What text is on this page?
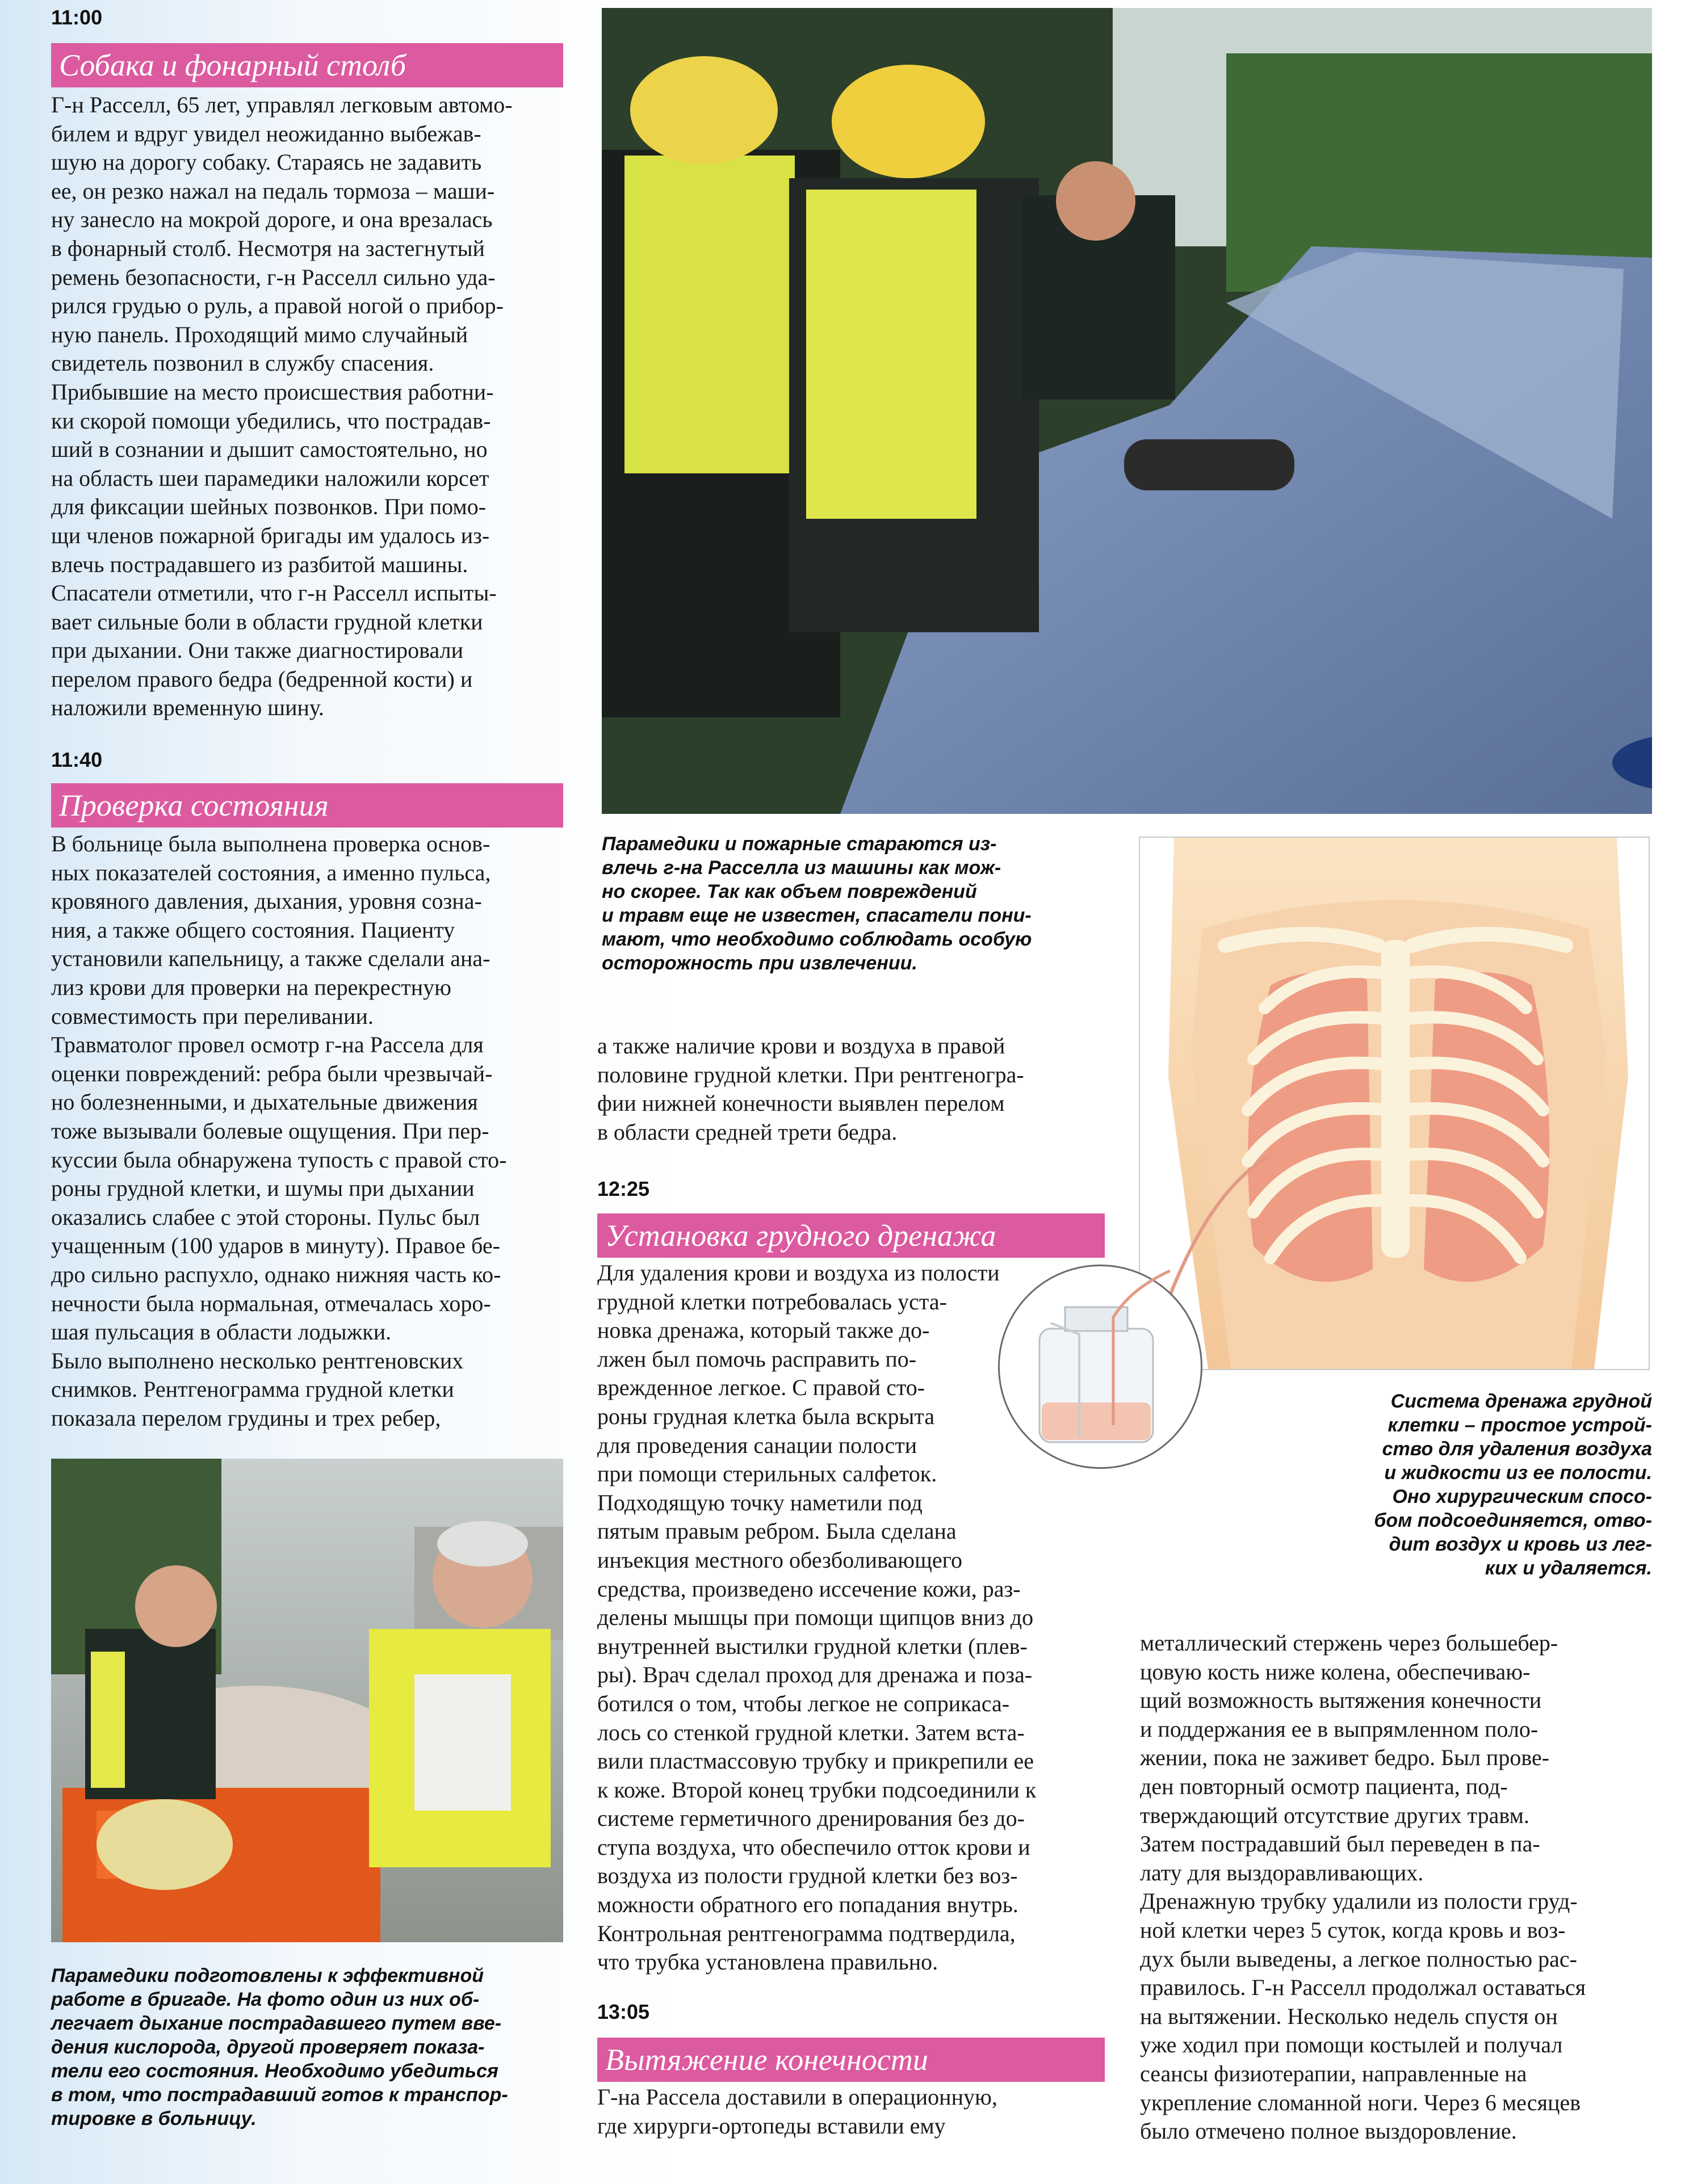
11:00
Собака и фонарный столб

Г-н Расселл, 65 лет, управлял легковым автомо-
билем и вдруг увидел неожиданно выбежав-
шую на дорогу собаку. Стараясь не задавить
ее, он резко нажал на педаль тормоза – маши-
ну занесло на мокрой дороге, и она врезалась
в фонарный столб. Несмотря на застегнутый
ремень безопасности, г-н Расселл сильно уда-
рился грудью о руль, а правой ногой о прибор-
ную панель. Проходящий мимо случайный
свидетель позвонил в службу спасения.
Прибывшие на место происшествия работни-
ки скорой помощи убедились, что пострадав-
ший в сознании и дышит самостоятельно, но
на область шеи парамедики наложили корсет
для фиксации шейных позвонков. При помо-
щи членов пожарной бригады им удалось из-
влечь пострадавшего из разбитой машины.
Спасатели отметили, что г-н Расселл испыты-
вает сильные боли в области грудной клетки
при дыхании. Они также диагностировали
перелом правого бедра (бедренной кости) и
наложили временную шину.

11:40
Проверка состояния

В больнице была выполнена проверка основ-
ных показателей состояния, а именно пульса,
кровяного давления, дыхания, уровня созна-
ния, а также общего состояния. Пациенту
установили капельницу, а также сделали ана-
лиз крови для проверки на перекрестную
совместимость при переливании.
Травматолог провел осмотр г-на Рассела для
оценки повреждений: ребра были чрезвычай-
но болезненными, и дыхательные движения
тоже вызывали болевые ощущения. При пер-
куссии была обнаружена тупость с правой сто-
роны грудной клетки, и шумы при дыхании
оказались слабее с этой стороны. Пульс был
учащенным (100 ударов в минуту). Правое бе-
дро сильно распухло, однако нижняя часть ко-
нечности была нормальная, отмечалась хоро-
шая пульсация в области лодыжки.
Было выполнено несколько рентгеновских
снимков. Рентгенограмма грудной клетки
показала перелом грудины и трех ребер,

Парамедики подготовлены к эффективной
работе в бригаде. На фото один из них об-
легчает дыхание пострадавшего путем вве-
дения кислорода, другой проверяет показа-
тели его состояния. Необходимо убедиться
в том, что пострадавший готов к транспор-
тировке в больницу.

Парамедики и пожарные стараются из-
влечь г-на Расселла из машины как мож-
но скорее. Так как объем повреждений
и травм еще не известен, спасатели пони-
мают, что необходимо соблюдать особую
осторожность при извлечении.

а также наличие крови и воздуха в правой
половине грудной клетки. При рентгеногра-
фии нижней конечности выявлен перелом
в области средней трети бедра.

Система дренажа грудной
клетки – простое устрой-
ство для удаления воздуха
и жидкости из ее полости.
Оно хирургическим спосо-
бом подсоединяется, отво-
дит воздух и кровь из лег-
ких и удаляется.

12:25
Установка грудного дренажа

Для удаления крови и воздуха из полости
грудной клетки потребовалась уста-
новка дренажа, который также до-
лжен был помочь расправить по-
врежденное легкое. С правой сто-
роны грудная клетка была вскрыта
для проведения санации полости
при помощи стерильных салфеток.
Подходящую точку наметили под
пятым правым ребром. Была сделана
инъекция местного обезболивающего
средства, произведено иссечение кожи, раз-
делены мышцы при помощи щипцов вниз до
внутренней выстилки грудной клетки (плев-
ры). Врач сделал проход для дренажа и поза-
ботился о том, чтобы легкое не соприкаса-
лось со стенкой грудной клетки. Затем вста-
вили пластмассовую трубку и прикрепили ее
к коже. Второй конец трубки подсоединили к
системе герметичного дренирования без до-
ступа воздуха, что обеспечило отток крови и
воздуха из полости грудной клетки без воз-
можности обратного его попадания внутрь.
Контрольная рентгенограмма подтвердила,
что трубка установлена правильно.

13:05
Вытяжение конечности

Г-на Рассела доставили в операционную,
где хирурги-ортопеды вставили ему

металлический стержень через большебер-
цовую кость ниже колена, обеспечиваю-
щий возможность вытяжения конечности
и поддержания ее в выпрямленном поло-
жении, пока не заживет бедро. Был прове-
ден повторный осмотр пациента, под-
тверждающий отсутствие других травм.
Затем пострадавший был переведен в па-
лату для выздоравливающих.
Дренажную трубку удалили из полости груд-
ной клетки через 5 суток, когда кровь и воз-
дух были выведены, а легкое полностью рас-
правилось. Г-н Расселл продолжал оставаться
на вытяжении. Несколько недель спустя он
уже ходил при помощи костылей и получал
сеансы физиотерапии, направленные на
укрепление сломанной ноги. Через 6 месяцев
было отмечено полное выздоровление.
